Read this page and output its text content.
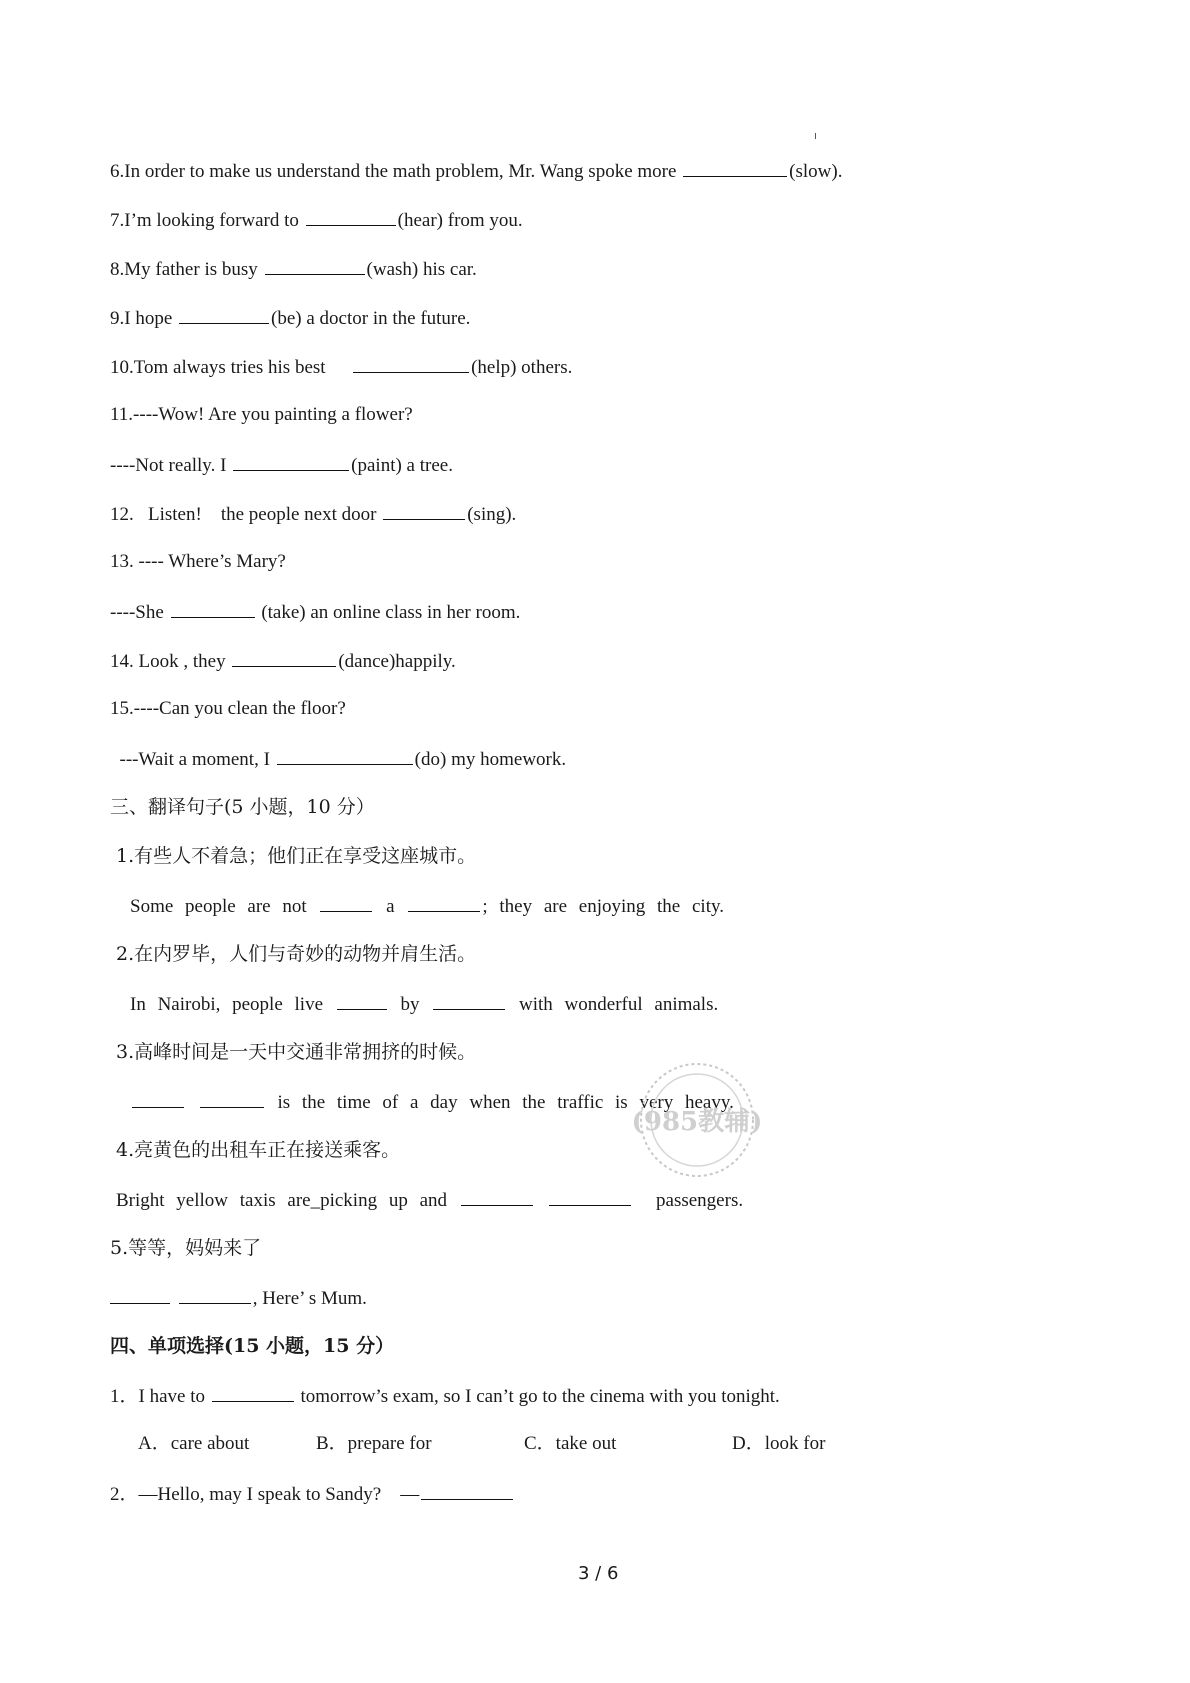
6.In order to make us understand the math problem, Mr. Wang spoke more	(slow).
7.I’m looking forward to	(hear) from you.
8.My father is busy	(wash) his car.
9.I hope	(be) a doctor in the future.
10.Tom always tries his best	(help) others.
11.----Wow! Are you painting a flower?
----Not really. I	(paint) a tree.
12.   Listen!    the people next door	(sing).
13. ---- Where’s Mary?
----She	(take) an online class in her room.
14. Look , they	(dance)happily.
15.----Can you clean the floor?
---Wait a moment, I	(do) my homework.
三、翻译句子(5 小题，10 分）
1.有些人不着急；他们正在享受这座城市。
Some people are not	a	; they are enjoying the city.
2.在内罗毕，人们与奇妙的动物并肩生活。
In Nairobi, people live	by	with wonderful animals.
3.高峰时间是一天中交通非常拥挤的时候。
is the time of a day when the traffic is very heavy.
4.亮黄色的出租车正在接送乘客。
Bright yellow taxis are_picking up and	passengers.
5.等等，妈妈来了
, Here’ s Mum.
四、单项选择(15 小题，15 分）
1．I have to	tomorrow’s exam, so I can’t go to the cinema with you tonight.
A．care about	B．prepare for	C．take out	D．look for
2．—Hello, may I speak to Sandy?    —
(985教辅)
3 / 6
